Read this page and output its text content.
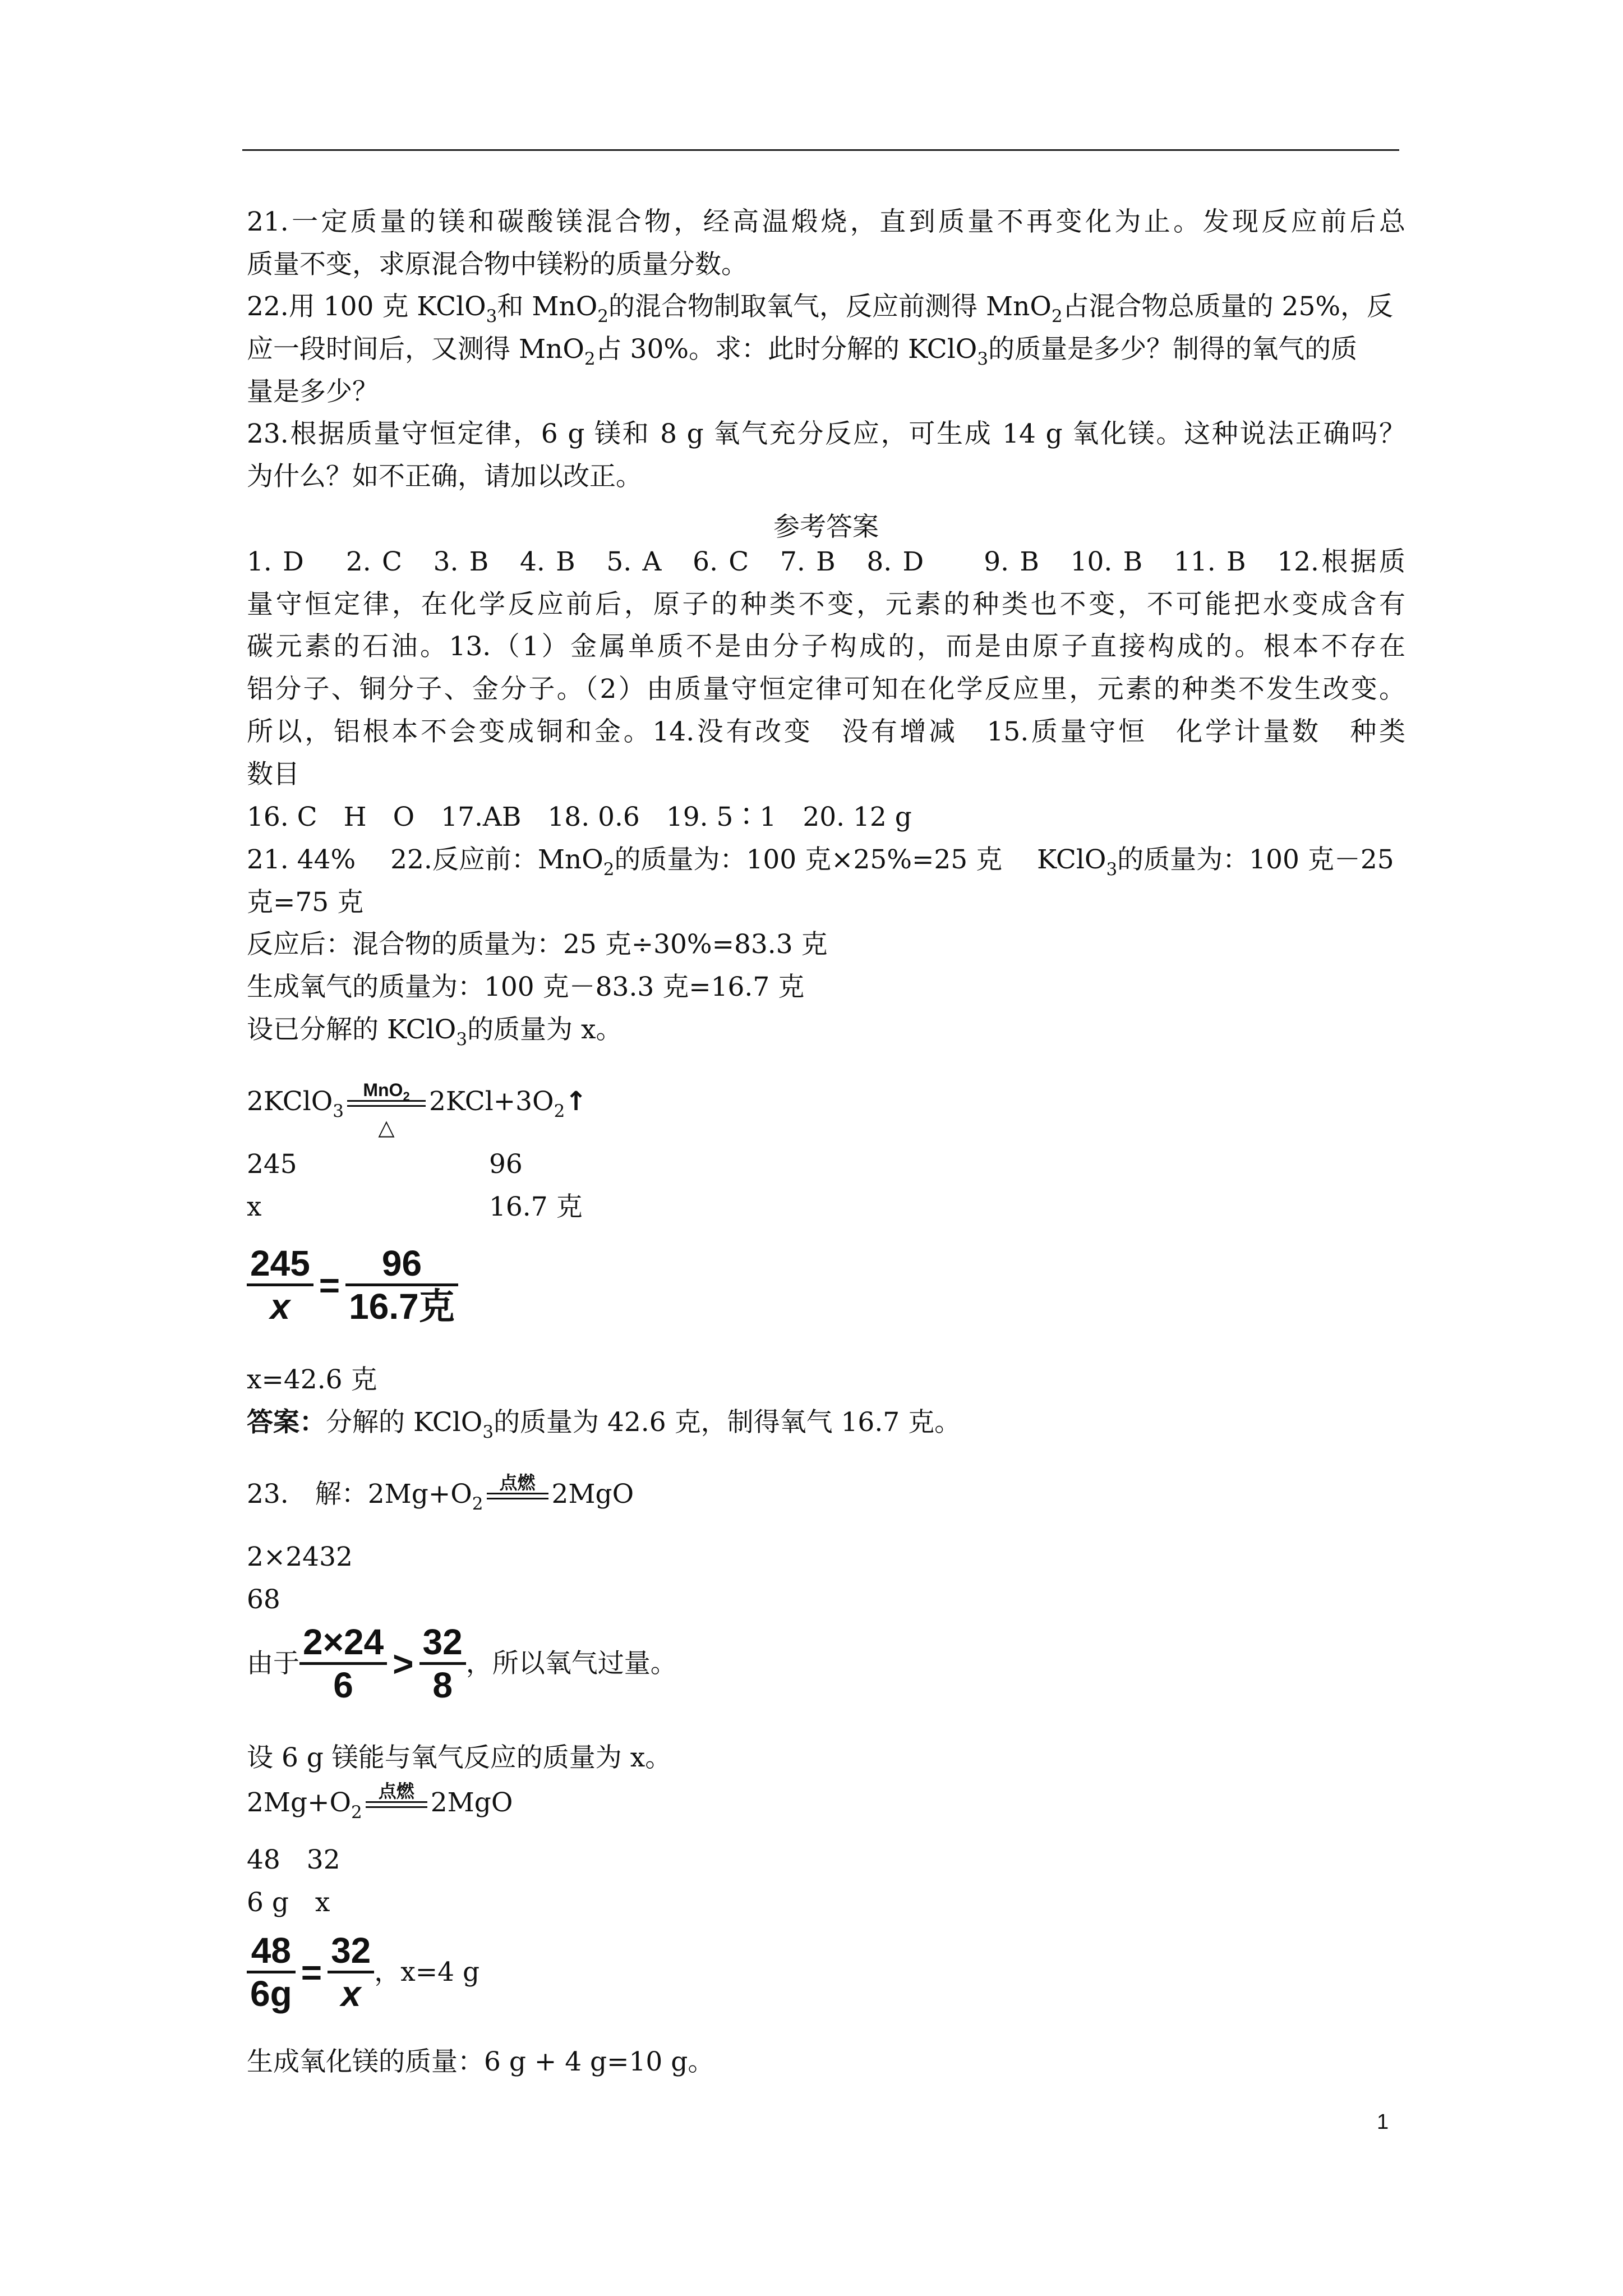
21.一定质量的镁和碳酸镁混合物，经高温煅烧，直到质量不再变化为止。发现反应前后总
质量不变，求原混合物中镁粉的质量分数。
22.用 100 克 KClO$_3$和 MnO$_2$的混合物制取氧气，反应前测得 MnO$_2$占混合物总质量的 25%，反
应一段时间后，又测得 MnO$_2$占 30%。求：此时分解的 KClO$_3$的质量是多少？制得的氧气的质
量是多少？
23.根据质量守恒定律，6 g 镁和 8 g 氧气充分反应，可生成 14 g 氧化镁。这种说法正确吗？
为什么？如不正确，请加以改正。
参考答案
1. D　 2. C　3. B　4. B　5. A　6. C　7. B　8. D　　9. B　10. B　11. B　12.根据质
量守恒定律，在化学反应前后，原子的种类不变，元素的种类也不变，不可能把水变成含有
碳元素的石油。13.（1）金属单质不是由分子构成的，而是由原子直接构成的。根本不存在
铝分子、铜分子、金分子。（2）由质量守恒定律可知在化学反应里，元素的种类不发生改变。
所以，铝根本不会变成铜和金。14.没有改变　没有增减　15.质量守恒　化学计量数　种类
数目
16. C　H　O　17.AB　18. 0.6　19. 5∶1　20. 12 g
21. 44%　 22.反应前：MnO$_2$的质量为：100 克×25%=25 克　 KClO$_3$的质量为：100 克－25
克=75 克
反应后：混合物的质量为：25 克÷30%=83.3 克
生成氧气的质量为：100 克－83.3 克=16.7 克
设已分解的 KClO$_3$的质量为 x。
2KClO$_3$
MnO$_2$
△
$2KCl+3O_2↑$
245	96
x	16.7 克
$\frac{245}{x} = \frac{96}{\text{16.7克}}$
x=42.6 克
答案：分解的 KClO$_3$的质量为 42.6 克，制得氧气 16.7 克。
23.　解：$2Mg+O_2$
点燃 2MgO
2×2432
68
由于 $\frac{2\times 24}{6} > \frac{32}{8}$ ，所以氧气过量。
设 6 g 镁能与氧气反应的质量为 x。
$2Mg+O_2$
点燃 2MgO
48　32
6 g　x
$\frac{48}{6g} = \frac{32}{x}$ ，x=4 g
生成氧化镁的质量：6 g + 4 g=10 g。
1
